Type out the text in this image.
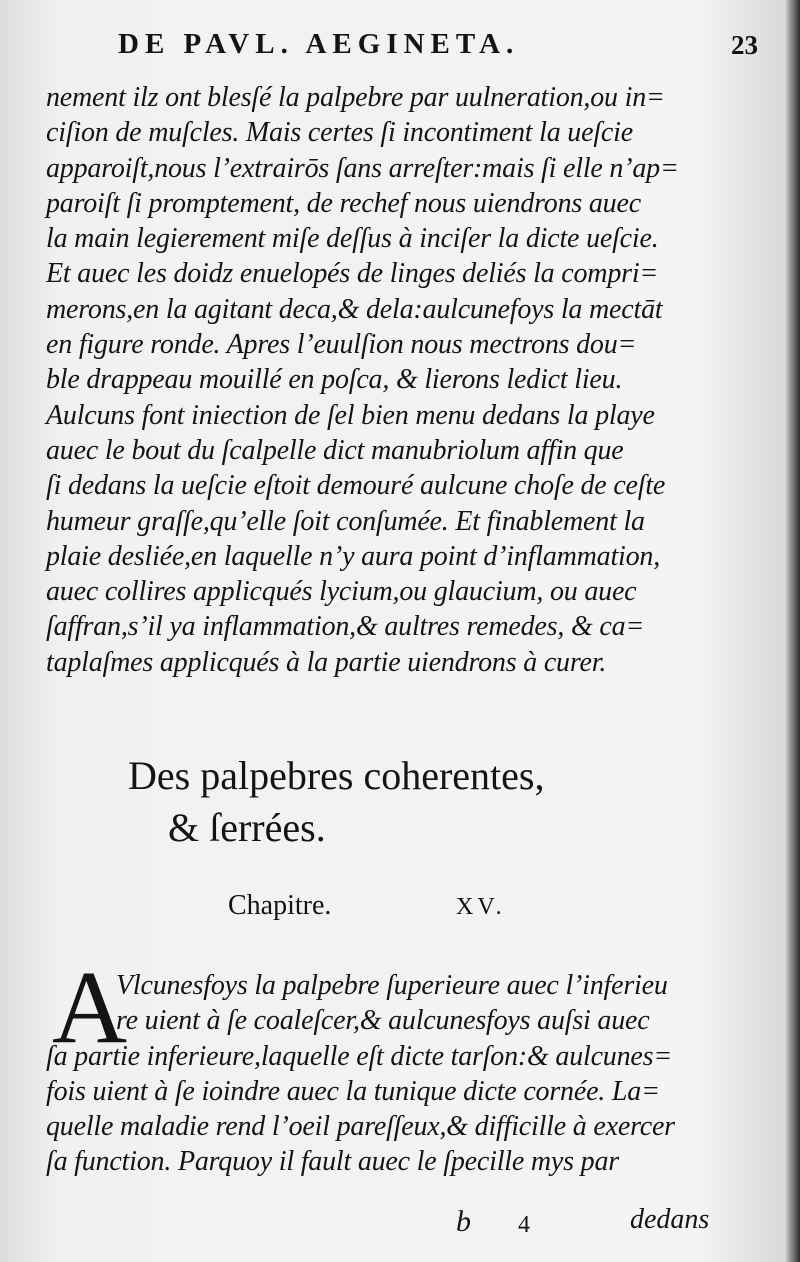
DE PAVL. AEGINETA.	23
nement ilz ont blesſé la palpebre par uulneration,ou in=
ciſion de muſcles. Mais certes ſi incontiment la ueſcie
apparoiſt,nous l’extrairōs ſans arreſter:mais ſi elle n’ap=
paroiſt ſi promptement, de rechef nous uiendrons auec
la main legierement miſe deſſus à inciſer la dicte ueſcie.
Et auec les doidz enuelopés de linges deliés la compri=
merons,en la agitant deca,& dela:aulcunefoys la mectāt
en figure ronde. Apres l’euulſion nous mectrons dou=
ble drappeau mouillé en poſca, & lierons ledict lieu.
Aulcuns font iniection de ſel bien menu dedans la playe
auec le bout du ſcalpelle dict manubriolum affin que
ſi dedans la ueſcie eſtoit demouré aulcune choſe de ceſte
humeur graſſe,qu’elle ſoit conſumée. Et finablement la
plaie desliée,en laquelle n’y aura point d’inflammation,
auec collires applicqués lycium,ou glaucium, ou auec
ſaffran,s’il ya inflammation,& aultres remedes, & ca=
taplaſmes applicqués à la partie uiendrons à curer.
Des palpebres coherentes,
& ſerrées.
Chapitre.	XV.
A
Vlcunesfoys la palpebre ſuperieure auec l’inferieu
re uient à ſe coaleſcer,& aulcunesfoys auſsi auec
ſa partie inferieure,laquelle eſt dicte tarſon:& aulcunes=
fois uient à ſe ioindre auec la tunique dicte cornée. La=
quelle maladie rend l’oeil pareſſeux,& difficille à exercer
ſa function. Parquoy il fault auec le ſpecille mys par
b 4	dedans
